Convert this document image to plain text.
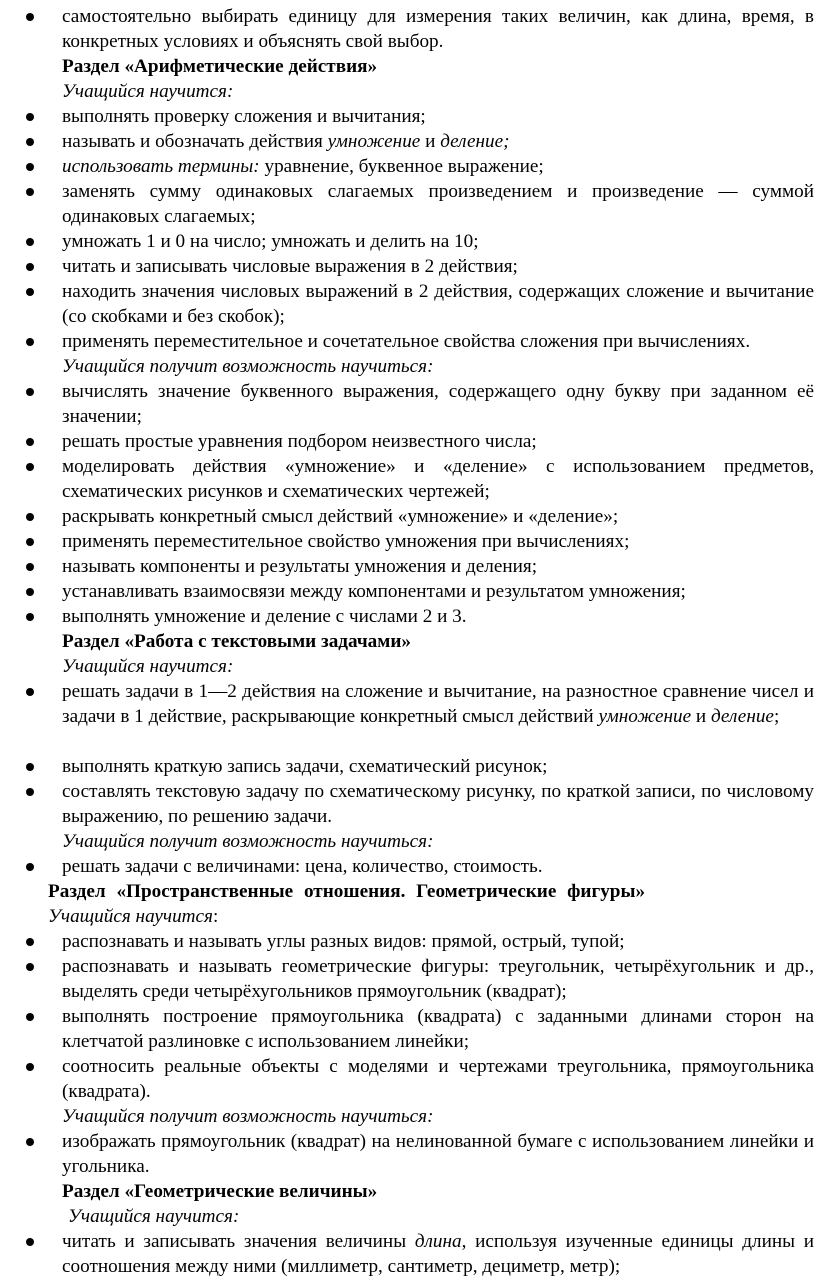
самостоятельно выбирать единицу для измерения таких величин, как длина, время, в конкретных условиях и объяснять свой выбор.
Раздел «Арифметические действия»
Учащийся научится:
выполнять проверку сложения и вычитания;
называть и обозначать действия умножение и деление;
использовать термины: уравнение, буквенное выражение;
заменять сумму одинаковых слагаемых произведением и произведение — суммой одинаковых слагаемых;
умножать 1 и 0 на число; умножать и делить на 10;
читать и записывать числовые выражения в 2 действия;
находить значения числовых выражений в 2 действия, содержащих сложение и вычитание (со скобками и без скобок);
применять переместительное и сочетательное свойства сложения при вычислениях.
Учащийся получит возможность научиться:
вычислять значение буквенного выражения, содержащего одну букву при заданном её значении;
решать простые уравнения подбором неизвестного числа;
моделировать действия «умножение» и «деление» с использованием предметов, схематических рисунков и схематических чертежей;
раскрывать конкретный смысл действий «умножение» и «деление»;
применять переместительное свойство умножения при вычислениях;
называть компоненты и результаты умножения и деления;
устанавливать взаимосвязи между компонентами и результатом умножения;
выполнять умножение и деление с числами 2 и 3.
Раздел «Работа с текстовыми задачами»
Учащийся научится:
решать задачи в 1—2 действия на сложение и вычитание, на разностное сравнение чисел и задачи в 1 действие, раскрывающие конкретный смысл действий умножение и деление;
выполнять краткую запись задачи, схематический рисунок;
составлять текстовую задачу по схематическому рисунку, по краткой записи, по числовому выражению, по решению задачи.
Учащийся получит возможность научиться:
решать задачи с величинами: цена, количество, стоимость.
Раздел «Пространственные отношения. Геометрические фигуры»
Учащийся научится:
распознавать и называть углы разных видов: прямой, острый, тупой;
распознавать и называть геометрические фигуры: треугольник, четырёхугольник и др., выделять среди четырёхугольников прямоугольник (квадрат);
выполнять построение прямоугольника (квадрата) с заданными длинами сторон на клетчатой разлиновке с использованием линейки;
соотносить реальные объекты с моделями и чертежами треугольника, прямоугольника (квадрата).
Учащийся получит возможность научиться:
изображать прямоугольник (квадрат) на нелинованной бумаге с использованием линейки и угольника.
Раздел «Геометрические величины»
Учащийся научится:
читать и записывать значения величины длина, используя изученные единицы длины и соотношения между ними (миллиметр, сантиметр, дециметр, метр);
